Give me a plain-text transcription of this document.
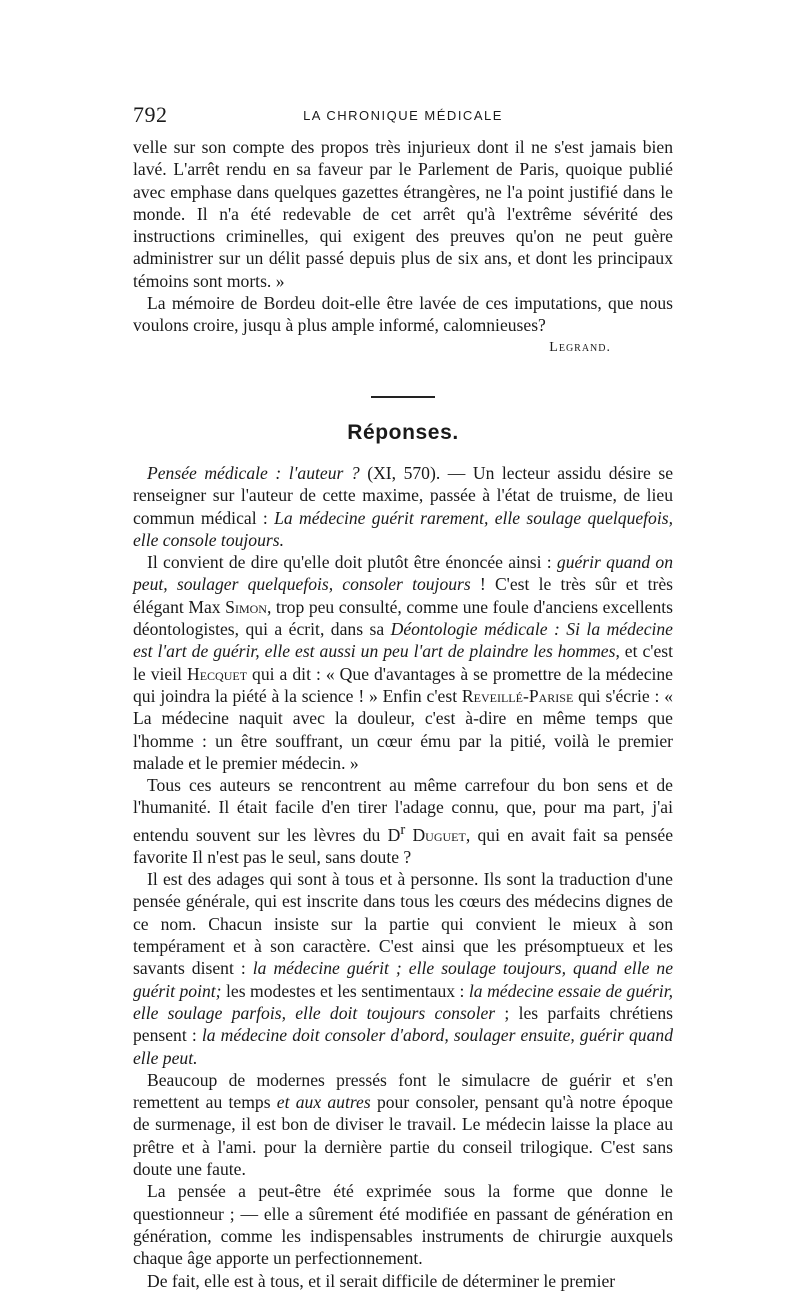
792	LA CHRONIQUE MÉDICALE

velle sur son compte des propos très injurieux dont il ne s'est jamais bien lavé. L'arrêt rendu en sa faveur par le Parlement de Paris, quoique publié avec emphase dans quelques gazettes étrangères, ne l'a point justifié dans le monde. Il n'a été redevable de cet arrêt qu'à l'extrême sévérité des instructions criminelles, qui exigent des preuves qu'on ne peut guère administrer sur un délit passé depuis plus de six ans, et dont les principaux témoins sont morts. »

La mémoire de Bordeu doit-elle être lavée de ces imputations, que nous voulons croire, jusqu à plus ample informé, calomnieuses?

Legrand.

Réponses.

Pensée médicale : l'auteur ? (XI, 570). — Un lecteur assidu désire se renseigner sur l'auteur de cette maxime, passée à l'état de truisme, de lieu commun médical : La médecine guérit rarement, elle soulage quelquefois, elle console toujours.

Il convient de dire qu'elle doit plutôt être énoncée ainsi : guérir quand on peut, soulager quelquefois, consoler toujours ! C'est le très sûr et très élégant Max Simon, trop peu consulté, comme une foule d'anciens excellents déontologistes, qui a écrit, dans sa Déontologie médicale : Si la médecine est l'art de guérir, elle est aussi un peu l'art de plaindre les hommes, et c'est le vieil Hecquet qui a dit : « Que d'avantages à se promettre de la médecine qui joindra la piété à la science ! » Enfin c'est Reveillé-Parise qui s'écrie : « La médecine naquit avec la douleur, c'est à-dire en même temps que l'homme : un être souffrant, un cœur ému par la pitié, voilà le premier malade et le premier médecin. »

Tous ces auteurs se rencontrent au même carrefour du bon sens et de l'humanité. Il était facile d'en tirer l'adage connu, que, pour ma part, j'ai entendu souvent sur les lèvres du $D^r$ Duguet, qui en avait fait sa pensée favorite Il n'est pas le seul, sans doute ?

Il est des adages qui sont à tous et à personne. Ils sont la traduction d'une pensée générale, qui est inscrite dans tous les cœurs des médecins dignes de ce nom. Chacun insiste sur la partie qui convient le mieux à son tempérament et à son caractère. C'est ainsi que les présomptueux et les savants disent : la médecine guérit ; elle soulage toujours, quand elle ne guérit point; les modestes et les sentimentaux : la médecine essaie de guérir, elle soulage parfois, elle doit toujours consoler ; les parfaits chrétiens pensent : la médecine doit consoler d'abord, soulager ensuite, guérir quand elle peut.

Beaucoup de modernes pressés font le simulacre de guérir et s'en remettent au temps et aux autres pour consoler, pensant qu'à notre époque de surmenage, il est bon de diviser le travail. Le médecin laisse la place au prêtre et à l'ami. pour la dernière partie du conseil trilogique. C'est sans doute une faute.

La pensée a peut-être été exprimée sous la forme que donne le questionneur ; — elle a sûrement été modifiée en passant de génération en génération, comme les indispensables instruments de chirurgie auxquels chaque âge apporte un perfectionnement.

De fait, elle est à tous, et il serait difficile de déterminer le premier
